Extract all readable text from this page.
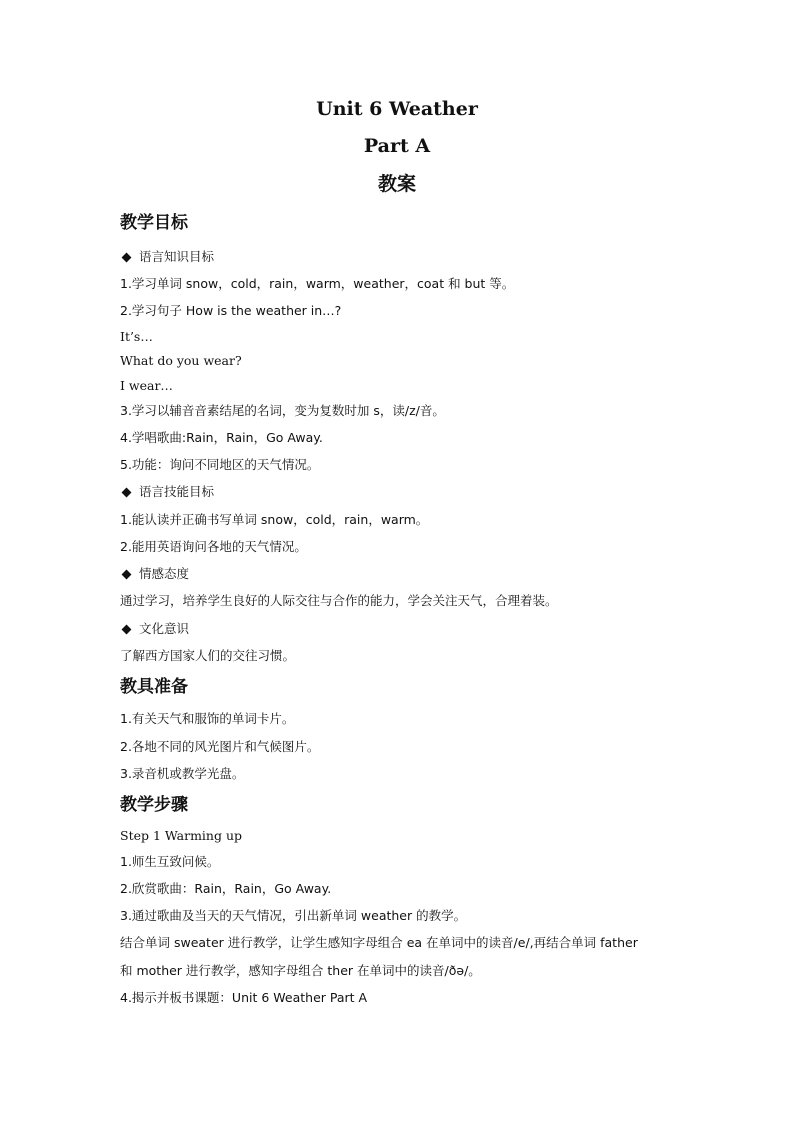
Unit 6 Weather
Part A
教案
教学目标
语言知识目标
1.学习单词 snow，cold，rain，warm，weather，coat 和 but 等。
2.学习句子 How is the weather in…?
It’s…
What do you wear?
I wear…
3.学习以辅音音素结尾的名词，变为复数时加 s，读/z/音。
4.学唱歌曲:Rain，Rain，Go Away.
5.功能：询问不同地区的天气情况。
语言技能目标
1.能认读并正确书写单词 snow，cold，rain，warm。
2.能用英语询问各地的天气情况。
情感态度
通过学习，培养学生良好的人际交往与合作的能力，学会关注天气，合理着装。
文化意识
了解西方国家人们的交往习惯。
教具准备
1.有关天气和服饰的单词卡片。
2.各地不同的风光图片和气候图片。
3.录音机或教学光盘。
教学步骤
Step 1 Warming up
1.师生互致问候。
2.欣赏歌曲：Rain，Rain，Go Away.
3.通过歌曲及当天的天气情况，引出新单词 weather 的教学。
结合单词 sweater 进行教学，让学生感知字母组合 ea 在单词中的读音/e/,再结合单词 father
和 mother 进行教学，感知字母组合 ther 在单词中的读音/ðə/。
4.揭示并板书课题：Unit 6 Weather Part A
